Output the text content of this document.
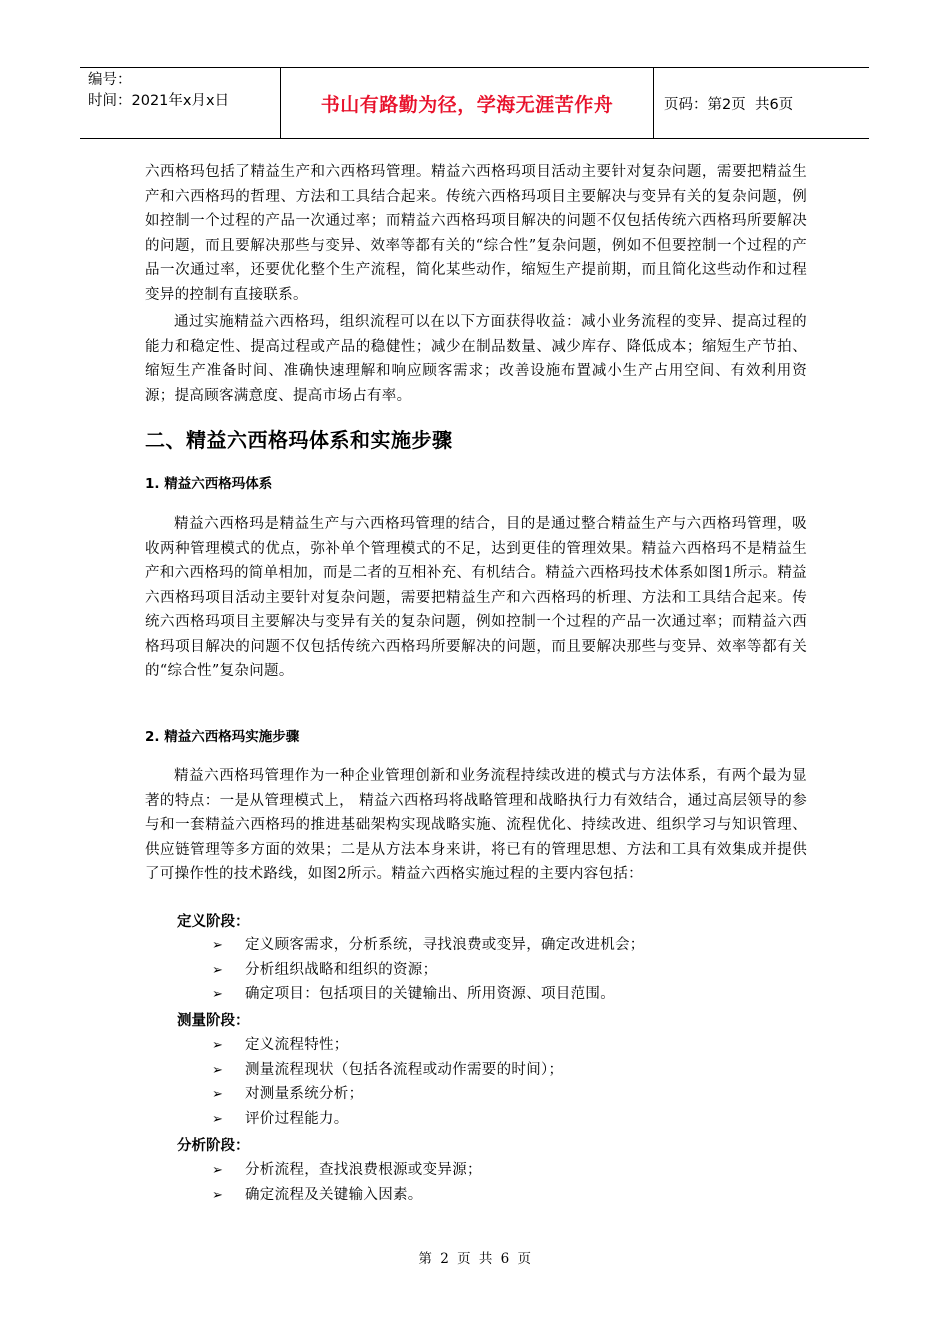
编号：
时间：2021年x月x日	书山有路勤为径，学海无涯苦作舟	页码：第2页  共6页
六西格玛包括了精益生产和六西格玛管理。精益六西格玛项目活动主要针对复杂问题，需要把精益生产和六西格玛的哲理、方法和工具结合起来。传统六西格玛项目主要解决与变异有关的复杂问题，例如控制一个过程的产品一次通过率；而精益六西格玛项目解决的问题不仅包括传统六西格玛所要解决的问题，而且要解决那些与变异、效率等都有关的“综合性”复杂问题，例如不但要控制一个过程的产品一次通过率，还要优化整个生产流程，简化某些动作，缩短生产提前期，而且简化这些动作和过程变异的控制有直接联系。
通过实施精益六西格玛，组织流程可以在以下方面获得收益：减小业务流程的变异、提高过程的能力和稳定性、提高过程或产品的稳健性；减少在制品数量、减少库存、降低成本；缩短生产节拍、缩短生产准备时间、准确快速理解和响应顾客需求；改善设施布置减小生产占用空间、有效利用资源；提高顾客满意度、提高市场占有率。
二、精益六西格玛体系和实施步骤
1. 精益六西格玛体系
精益六西格玛是精益生产与六西格玛管理的结合，目的是通过整合精益生产与六西格玛管理，吸收两种管理模式的优点，弥补单个管理模式的不足，达到更佳的管理效果。精益六西格玛不是精益生产和六西格玛的简单相加，而是二者的互相补充、有机结合。精益六西格玛技术体系如图1所示。精益六西格玛项目活动主要针对复杂问题，需要把精益生产和六西格玛的析理、方法和工具结合起来。传统六西格玛项目主要解决与变异有关的复杂问题，例如控制一个过程的产品一次通过率；而精益六西格玛项目解决的问题不仅包括传统六西格玛所要解决的问题，而且要解决那些与变异、效率等都有关的“综合性”复杂问题。
2. 精益六西格玛实施步骤
精益六西格玛管理作为一种企业管理创新和业务流程持续改进的模式与方法体系，有两个最为显著的特点：一是从管理模式上， 精益六西格玛将战略管理和战略执行力有效结合，通过高层领导的参与和一套精益六西格玛的推进基础架构实现战略实施、流程优化、持续改进、组织学习与知识管理、供应链管理等多方面的效果；二是从方法本身来讲，将已有的管理思想、方法和工具有效集成并提供了可操作性的技术路线，如图2所示。精益六西格实施过程的主要内容包括：
定义阶段：
➢ 定义顾客需求，分析系统，寻找浪费或变异，确定改进机会；
➢ 分析组织战略和组织的资源；
➢ 确定项目：包括项目的关键输出、所用资源、项目范围。
测量阶段：
➢ 定义流程特性；
➢ 测量流程现状（包括各流程或动作需要的时间）；
➢ 对测量系统分析；
➢ 评价过程能力。
分析阶段：
➢ 分析流程，查找浪费根源或变异源；
➢ 确定流程及关键输入因素。
第 2 页 共 6 页
